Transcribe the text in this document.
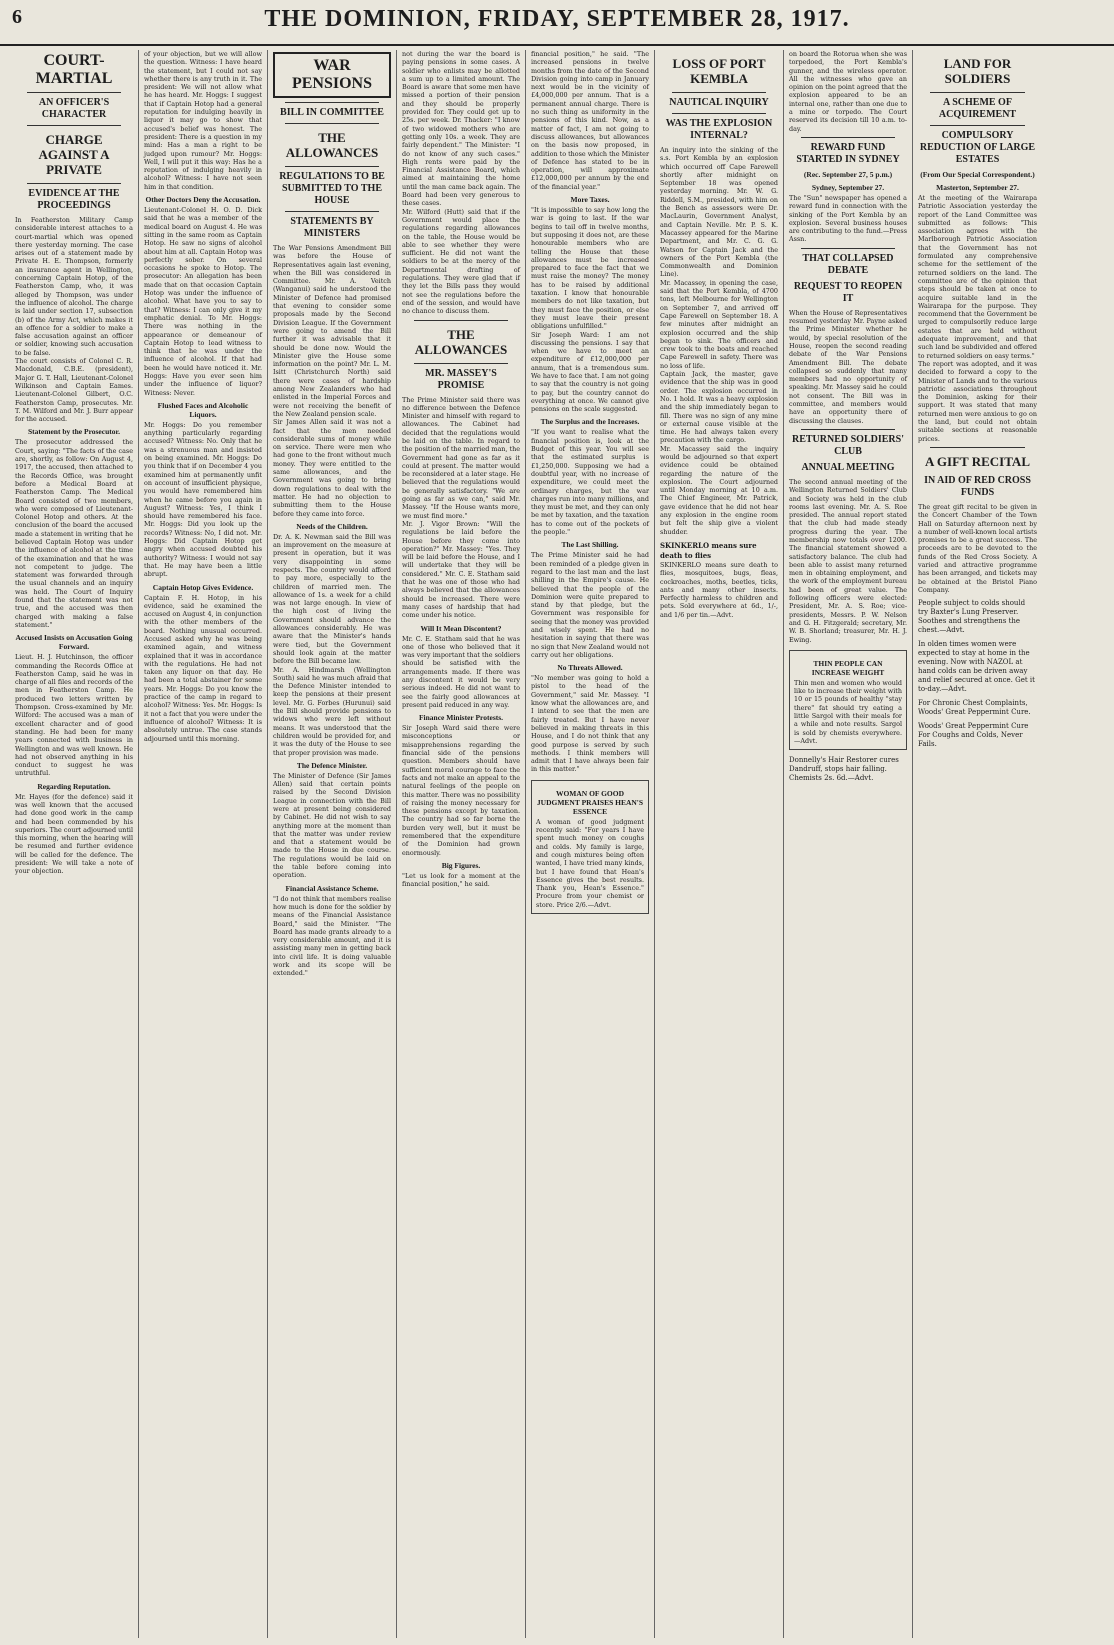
6	THE DOMINION, FRIDAY, SEPTEMBER 28, 1917.
COURT-MARTIAL
AN OFFICER'S CHARACTER
CHARGE AGAINST A PRIVATE
EVIDENCE AT THE PROCEEDINGS

In Featherston Military Camp considerable interest attaches to a court-martial which was opened there yesterday morning. The case arises out of a statement made by Private H. E. Thompson, formerly an insurance agent in Wellington, concerning Captain Hotop, of the Featherston Camp, who, it was alleged by Thompson, was under the influence of alcohol. The charge is laid under section 17, subsection (b) of the Army Act, which makes it an offence for a soldier to make a false accusation against an officer or soldier, knowing such accusation to be false.

The court consists of Colonel C. R. Macdonald, C.B.E. (president), Major G. T. Hall, Lieutenant-Colonel Wilkinson and Captain Eames. Lieutenant-Colonel Gilbert, O.C. Featherston Camp, prosecutes. Mr. T. M. Wilford and Mr. J. Burr appear for the accused.

Statement by the Prosecutor.

The prosecutor addressed the Court, saying: "The facts of the case are, shortly, as follow: On August 4, 1917, the accused, then attached to the Records Office, was brought before a Medical Board at Featherston Camp. The Medical Board consisted of two members, who were composed of Lieutenant-Colonel Hotop and others. At the conclusion of the board the accused made a statement in writing that he believed Captain Hotop was under the influence of alcohol at the time of the examination and that he was not competent to judge. The statement was forwarded through the usual channels and an inquiry was held. The Court of Inquiry found that the statement was not true, and the accused was then charged with making a false statement."

Accused Insists on Accusation Going Forward.

Lieut. H. J. Hutchinson, the officer commanding the Records Office at Featherston Camp, said he was in charge of all files and records of the men in Featherston Camp. He produced two letters written by Thompson. Cross-examined by Mr. Wilford: The accused was a man of excellent character and of good standing. He had been for many years connected with business in Wellington and was well known. He had not observed anything in his conduct to suggest he was untruthful.

Regarding Reputation.

Mr. Hayes (for the defence) said it was well known that the accused had done good work in the camp and had been commended by his superiors. The court adjourned until this morning, when the hearing will be resumed and further evidence will be called for the defence. The president: We will take a note of your objection.

of your objection, but we will allow the question. Witness: I have heard the statement, but I could not say whether there is any truth in it. The president: We will not allow what he has heard. Mr. Hoggs: I suggest that if Captain Hotop had a general reputation for indulging heavily in liquor it may go to show that accused's belief was honest. The president: There is a question in my mind: Has a man a right to be judged upon rumour? Mr. Hoggs: Well, I will put it this way: Has he a reputation of indulging heavily in alcohol? Witness: I have not seen him in that condition.

Other Doctors Deny the Accusation.

Lieutenant-Colonel H. O. D. Dick said that he was a member of the medical board on August 4. He was sitting in the same room as Captain Hotop. He saw no signs of alcohol about him at all. Captain Hotop was perfectly sober. On several occasions he spoke to Hotop. The prosecutor: An allegation has been made that on that occasion Captain Hotop was under the influence of alcohol. What have you to say to that? Witness: I can only give it my emphatic denial. To Mr. Hoggs: There was nothing in the appearance or demeanour of Captain Hotop to lead witness to think that he was under the influence of alcohol. If that had been he would have noticed it. Mr. Hoggs: Have you ever seen him under the influence of liquor? Witness: Never.

Flushed Faces and Alcoholic Liquors.

Mr. Hoggs: Do you remember anything particularly regarding accused? Witness: No. Only that he was a strenuous man and insisted on being examined. Mr. Hoggs: Do you think that if on December 4 you examined him at permanently unfit on account of insufficient physique, you would have remembered him when he came before you again in August? Witness: Yes, I think I should have remembered his face. Mr. Hoggs: Did you look up the records? Witness: No, I did not. Mr. Hoggs: Did Captain Hotop get angry when accused doubted his authority? Witness: I would not say that. He may have been a little abrupt.

Captain Hotop Gives Evidence.

Captain F. H. Hotop, in his evidence, said he examined the accused on August 4, in conjunction with the other members of the board. Nothing unusual occurred. Accused asked why he was being examined again, and witness explained that it was in accordance with the regulations. He had not taken any liquor on that day. He had been a total abstainer for some years. Mr. Hoggs: Do you know the practice of the camp in regard to alcohol? Witness: Yes. Mr. Hoggs: Is it not a fact that you were under the influence of alcohol? Witness: It is absolutely untrue. The case stands adjourned until this morning.

WAR PENSIONS
BILL IN COMMITTEE
THE ALLOWANCES
REGULATIONS TO BE SUBMITTED TO THE HOUSE
STATEMENTS BY MINISTERS

The War Pensions Amendment Bill was before the House of Representatives again last evening, when the Bill was considered in Committee. Mr. A. Veitch (Wanganui) said he understood the Minister of Defence had promised that evening to consider some proposals made by the Second Division League. If the Government were going to amend the Bill further it was advisable that it should be done now. Would the Minister give the House some information on the point? Mr. L. M. Isitt (Christchurch North) said there were cases of hardship among New Zealanders who had enlisted in the Imperial Forces and were not receiving the benefit of the New Zealand pension scale.

Sir James Allen said it was not a fact that the men needed considerable sums of money while on service. There were men who had gone to the front without much money. They were entitled to the same allowances, and the Government was going to bring down regulations to deal with the matter. He had no objection to submitting them to the House before they came into force.

Needs of the Children.

Dr. A. K. Newman said the Bill was an improvement on the measure at present in operation, but it was very disappointing in some respects. The country would afford to pay more, especially to the children of married men. The allowance of 1s. a week for a child was not large enough. In view of the high cost of living the Government should advance the allowances considerably. He was aware that the Minister's hands were tied, but the Government should look again at the matter before the Bill became law.

Mr. A. Hindmarsh (Wellington South) said he was much afraid that the Defence Minister intended to keep the pensions at their present level. Mr. G. Forbes (Hurunui) said the Bill should provide pensions to widows who were left without means. It was understood that the children would be provided for, and it was the duty of the House to see that proper provision was made.

The Defence Minister.

The Minister of Defence (Sir James Allen) said that certain points raised by the Second Division League in connection with the Bill were at present being considered by Cabinet. He did not wish to say anything more at the moment than that the matter was under review and that a statement would be made to the House in due course. The regulations would be laid on the table before coming into operation.

Financial Assistance Scheme.

"I do not think that members realise how much is done for the soldier by means of the Financial Assistance Board," said the Minister. "The Board has made grants already to a very considerable amount, and it is assisting many men in getting back into civil life. It is doing valuable work and its scope will be extended."

not during the war the board is paying pensions in some cases. A soldier who enlists may be allotted a sum up to a limited amount. The Board is aware that some men have missed a portion of their pension and they should be properly provided for. They could get up to 25s. per week. Dr. Thacker: "I know of two widowed mothers who are getting only 10s. a week. They are fairly dependent." The Minister: "I do not know of any such cases." High rents were paid by the Financial Assistance Board, which aimed at maintaining the home until the man came back again. The Board had been very generous to these cases.

Mr. Wilford (Hutt) said that if the Government would place the regulations regarding allowances on the table, the House would be able to see whether they were sufficient. He did not want the soldiers to be at the mercy of the Departmental drafting of regulations. They were glad that if they let the Bills pass they would not see the regulations before the end of the session, and would have no chance to discuss them.

THE ALLOWANCES
MR. MASSEY'S PROMISE

The Prime Minister said there was no difference between the Defence Minister and himself with regard to allowances. The Cabinet had decided that the regulations would be laid on the table. In regard to the position of the married man, the Government had gone as far as it could at present. The matter would be reconsidered at a later stage. He believed that the regulations would be generally satisfactory. "We are going as far as we can," said Mr. Massey. "If the House wants more, we must find more."

Mr. J. Vigor Brown: "Will the regulations be laid before the House before they come into operation?" Mr. Massey: "Yes. They will be laid before the House, and I will undertake that they will be considered." Mr. C. E. Statham said that he was one of those who had always believed that the allowances should be increased. There were many cases of hardship that had come under his notice.

Will It Mean Discontent?

Mr. C. E. Statham said that he was one of those who believed that it was very important that the soldiers should be satisfied with the arrangements made. If there was any discontent it would be very serious indeed. He did not want to see the fairly good allowances at present paid reduced in any way.

Finance Minister Protests.

Sir Joseph Ward said there were misconceptions or misapprehensions regarding the financial side of the pensions question. Members should have sufficient moral courage to face the facts and not make an appeal to the natural feelings of the people on this matter. There was no possibility of raising the money necessary for these pensions except by taxation. The country had so far borne the burden very well, but it must be remembered that the expenditure of the Dominion had grown enormously.

Big Figures.

"Let us look for a moment at the financial position," he said.

financial position," he said. "The increased pensions in twelve months from the date of the Second Division going into camp in January next would be in the vicinity of £4,000,000 per annum. That is a permanent annual charge. There is no such thing as uniformity in the pensions of this kind. Now, as a matter of fact, I am not going to discuss allowances, but allowances on the basis now proposed, in addition to those which the Minister of Defence has stated to be in operation, will approximate £12,000,000 per annum by the end of the financial year."

More Taxes.

"It is impossible to say how long the war is going to last. If the war begins to tail off in twelve months, but supposing it does not, are these honourable members who are telling the House that these allowances must be increased prepared to face the fact that we must raise the money? The money has to be raised by additional taxation. I know that honourable members do not like taxation, but they must face the position, or else they must leave their present obligations unfulfilled."

Sir Joseph Ward: I am not discussing the pensions. I say that when we have to meet an expenditure of £12,000,000 per annum, that is a tremendous sum. We have to face that. I am not going to say that the country is not going to pay, but the country cannot do everything at once. We cannot give pensions on the scale suggested.

The Surplus and the Increases.

"If you want to realise what the financial position is, look at the Budget of this year. You will see that the estimated surplus is £1,250,000. Supposing we had a doubtful year, with no increase of expenditure, we could meet the ordinary charges, but the war charges run into many millions, and they must be met, and they can only be met by taxation, and the taxation has to come out of the pockets of the people."

The Last Shilling.

The Prime Minister said he had been reminded of a pledge given in regard to the last man and the last shilling in the Empire's cause. He believed that the people of the Dominion were quite prepared to stand by that pledge, but the Government was responsible for seeing that the money was provided and wisely spent. He had no hesitation in saying that there was no sign that New Zealand would not carry out her obligations.

No Threats Allowed.

"No member was going to hold a pistol to the head of the Government," said Mr. Massey. "I know what the allowances are, and I intend to see that the men are fairly treated. But I have never believed in making threats in this House, and I do not think that any good purpose is served by such methods. I think members will admit that I have always been fair in this matter."

WOMAN OF GOOD JUDGMENT PRAISES HEAN'S ESSENCE

A woman of good judgment recently said: "For years I have spent much money on coughs and colds. My family is large, and cough mixtures being often wanted, I have tried many kinds, but I have found that Hean's Essence gives the best results. Thank you, Hean's Essence." Procure from your chemist or store. Price 2/6.—Advt.

LOSS OF PORT KEMBLA
NAUTICAL INQUIRY
WAS THE EXPLOSION INTERNAL?

An inquiry into the sinking of the s.s. Port Kembla by an explosion which occurred off Cape Farewell shortly after midnight on September 18 was opened yesterday morning. Mr. W. G. Riddell, S.M., presided, with him on the Bench as assessors were Dr. MacLaurin, Government Analyst, and Captain Neville. Mr. P. S. K. Macassey appeared for the Marine Department, and Mr. C. G. G. Watson for Captain Jack and the owners of the Port Kembla (the Commonwealth and Dominion Line).

Mr. Macassey, in opening the case, said that the Port Kembla, of 4700 tons, left Melbourne for Wellington on September 7, and arrived off Cape Farewell on September 18. A few minutes after midnight an explosion occurred and the ship began to sink. The officers and crew took to the boats and reached Cape Farewell in safety. There was no loss of life.

Captain Jack, the master, gave evidence that the ship was in good order. The explosion occurred in No. 1 hold. It was a heavy explosion and the ship immediately began to fill. There was no sign of any mine or external cause visible at the time. He had always taken every precaution with the cargo.

Mr. Macassey said the inquiry would be adjourned so that expert evidence could be obtained regarding the nature of the explosion. The Court adjourned until Monday morning at 10 a.m. The Chief Engineer, Mr. Patrick, gave evidence that he did not hear any explosion in the engine room but felt the ship give a violent shudder.

SKINKERLO means sure death to flies

SKINKERLO means sure death to flies, mosquitoes, bugs, fleas, cockroaches, moths, beetles, ticks, ants and many other insects. Perfectly harmless to children and pets. Sold everywhere at 6d., 1/-, and 1/6 per tin.—Advt.

on board the Rotorua when she was torpedoed, the Port Kembla's gunner, and the wireless operator. All the witnesses who gave an opinion on the point agreed that the explosion appeared to be an internal one, rather than one due to a mine or torpedo. The Court reserved its decision till 10 a.m. to-day.

REWARD FUND STARTED IN SYDNEY
(Rec. September 27, 5 p.m.)
Sydney, September 27.

The "Sun" newspaper has opened a reward fund in connection with the sinking of the Port Kembla by an explosion. Several business houses are contributing to the fund.—Press Assn.

THAT COLLAPSED DEBATE
REQUEST TO REOPEN IT

When the House of Representatives resumed yesterday Mr. Payne asked the Prime Minister whether he would, by special resolution of the House, reopen the second reading debate of the War Pensions Amendment Bill. The debate collapsed so suddenly that many members had no opportunity of speaking. Mr. Massey said he could not consent. The Bill was in committee, and members would have an opportunity there of discussing the clauses.

RETURNED SOLDIERS' CLUB
ANNUAL MEETING

The second annual meeting of the Wellington Returned Soldiers' Club and Society was held in the club rooms last evening. Mr. A. S. Roe presided. The annual report stated that the club had made steady progress during the year. The membership now totals over 1200. The financial statement showed a satisfactory balance. The club had been able to assist many returned men in obtaining employment, and the work of the employment bureau had been of great value. The following officers were elected: President, Mr. A. S. Roe; vice-presidents, Messrs. P. W. Nelson and G. H. Fitzgerald; secretary, Mr. W. B. Shorland; treasurer, Mr. H. J. Ewing.

THIN PEOPLE CAN INCREASE WEIGHT

Thin men and women who would like to increase their weight with 10 or 15 pounds of healthy "stay there" fat should try eating a little Sargol with their meals for a while and note results. Sargol is sold by chemists everywhere.—Advt.

Donnelly's Hair Restorer cures Dandruff, stops hair falling. Chemists 2s. 6d.—Advt.
LAND FOR SOLDIERS
A SCHEME OF ACQUIREMENT
COMPULSORY REDUCTION OF LARGE ESTATES
(From Our Special Correspondent.)
Masterton, September 27.

At the meeting of the Wairarapa Patriotic Association yesterday the report of the Land Committee was submitted as follows: "This association agrees with the Marlborough Patriotic Association that the Government has not formulated any comprehensive scheme for the settlement of the returned soldiers on the land. The committee are of the opinion that steps should be taken at once to acquire suitable land in the Wairarapa for the purpose. They recommend that the Government be urged to compulsorily reduce large estates that are held without adequate improvement, and that such land be subdivided and offered to returned soldiers on easy terms."

The report was adopted, and it was decided to forward a copy to the Minister of Lands and to the various patriotic associations throughout the Dominion, asking for their support. It was stated that many returned men were anxious to go on the land, but could not obtain suitable sections at reasonable prices.

A GIFT RECITAL
IN AID OF RED CROSS FUNDS

The great gift recital to be given in the Concert Chamber of the Town Hall on Saturday afternoon next by a number of well-known local artists promises to be a great success. The proceeds are to be devoted to the funds of the Red Cross Society. A varied and attractive programme has been arranged, and tickets may be obtained at the Bristol Piano Company.

People subject to colds should try Baxter's Lung Preserver. Soothes and strengthens the chest.—Advt.
In olden times women were expected to stay at home in the evening. Now with NAZOL at hand colds can be driven away and relief secured at once. Get it to-day.—Advt.
For Chronic Chest Complaints, Woods' Great Peppermint Cure.
Woods' Great Peppermint Cure For Coughs and Colds, Never Fails.
